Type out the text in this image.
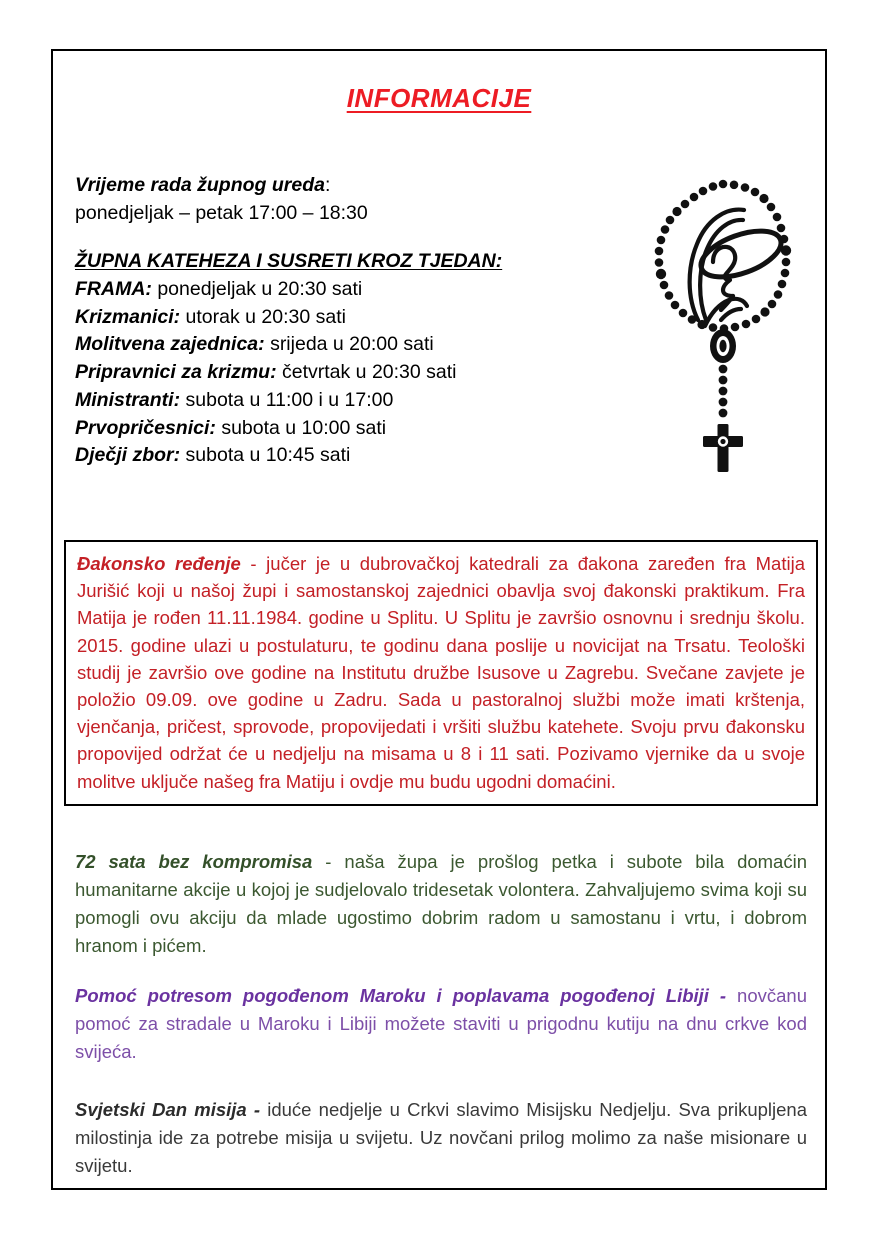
INFORMACIJE
Vrijeme rada župnog ureda:
ponedjeljak – petak 17:00 – 18:30
ŽUPNA KATEHEZA I SUSRETI KROZ TJEDAN:
FRAMA: ponedjeljak u 20:30 sati
Krizmanici: utorak u 20:30 sati
Molitvena zajednica: srijeda u 20:00 sati
Pripravnici za krizmu: četvrtak u 20:30 sati
Ministranti: subota u 11:00 i u 17:00
Prvopričesnici: subota u 10:00 sati
Dječji zbor: subota u 10:45 sati

Đakonsko ređenje - jučer je u dubrovačkoj katedrali za đakona zaređen fra Matija Jurišić koji u našoj župi i samostanskoj zajednici obavlja svoj đakonski praktikum. Fra Matija je rođen 11.11.1984. godine u Splitu. U Splitu je završio osnovnu i srednju školu. 2015. godine ulazi u postulaturu, te godinu dana poslije u novicijat na Trsatu. Teološki studij je završio ove godine na Institutu družbe Isusove u Zagrebu. Svečane zavjete je položio 09.09. ove godine u Zadru. Sada u pastoralnoj službi može imati krštenja, vjenčanja, pričest, sprovode, propovijedati i vršiti službu katehete. Svoju prvu đakonsku propovijed održat će u nedjelju na misama u 8 i 11 sati. Pozivamo vjernike da u svoje molitve uključe našeg fra Matiju i ovdje mu budu ugodni domaćini.

72 sata bez kompromisa - naša župa je prošlog petka i subote bila domaćin humanitarne akcije u kojoj je sudjelovalo tridesetak volontera. Zahvaljujemo svima koji su pomogli ovu akciju da mlade ugostimo dobrim radom u samostanu i vrtu, i dobrom hranom i pićem.

Pomoć potresom pogođenom Maroku i poplavama pogođenoj Libiji - novčanu pomoć za stradale u Maroku i Libiji možete staviti u prigodnu kutiju na dnu crkve kod svijeća.

Svjetski Dan misija - iduće nedjelje u Crkvi slavimo Misijsku Nedjelju. Sva prikupljena milostinja ide za potrebe misija u svijetu. Uz novčani prilog molimo za naše misionare u svijetu.
